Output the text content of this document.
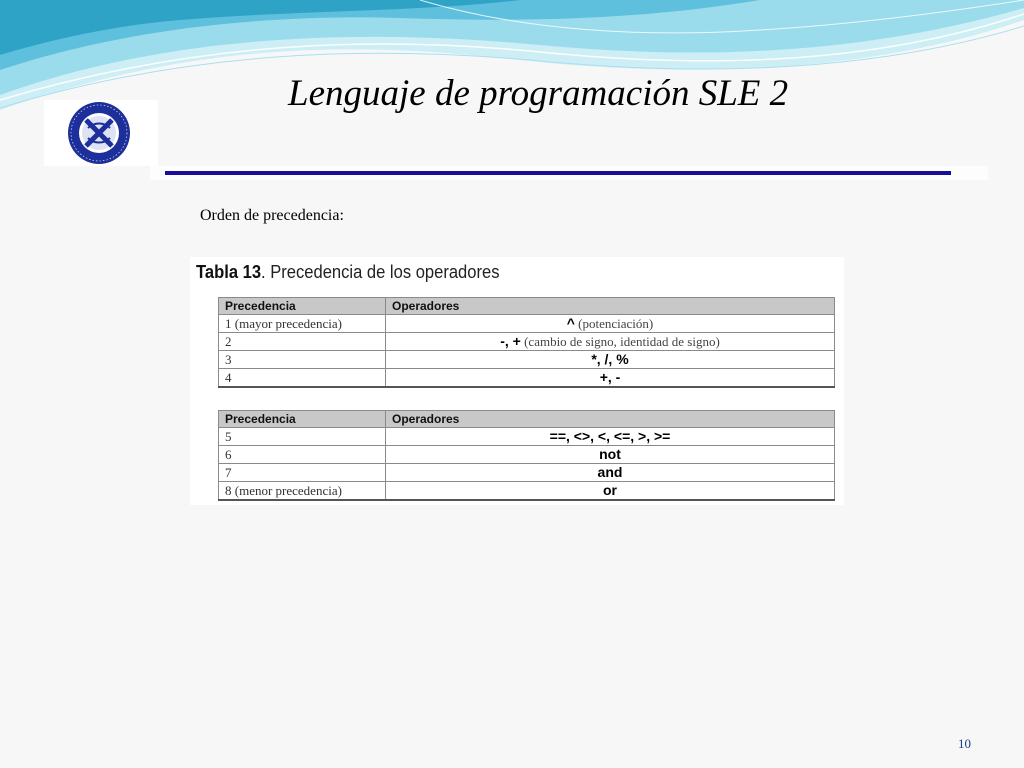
Lenguaje de programación SLE 2
Orden de precedencia:
Tabla 13. Precedencia de los operadores
Precedencia	Operadores
1 (mayor precedencia)	^ (potenciación)
2	-, + (cambio de signo, identidad de signo)
3	*, /, %
4	+, -
Precedencia	Operadores
5	==, <>, <, <=, >, >=
6	not
7	and
8 (menor precedencia)	or
10
